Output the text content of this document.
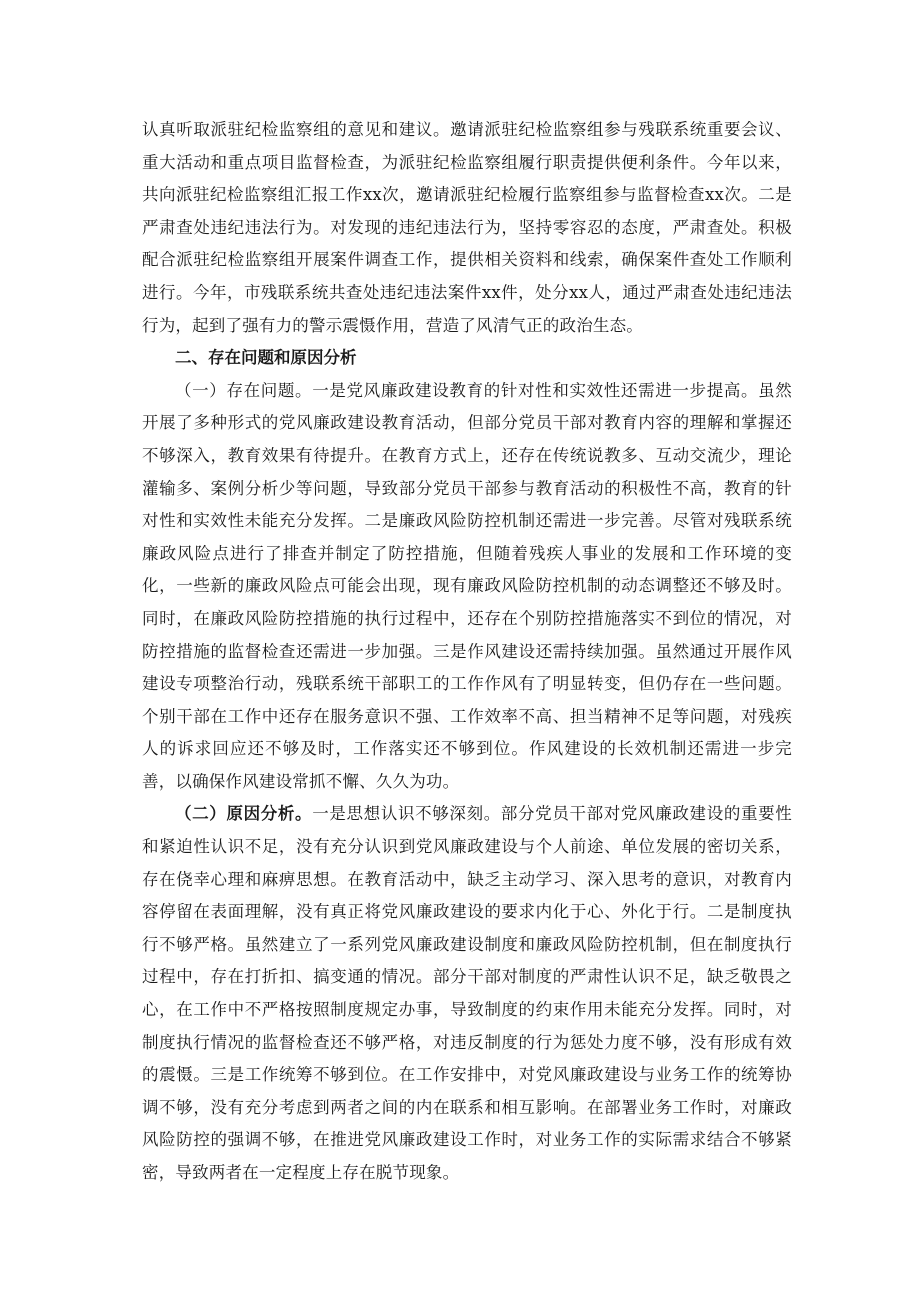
认真听取派驻纪检监察组的意见和建议。邀请派驻纪检监察组参与残联系统重要会议、重大活动和重点项目监督检查，为派驻纪检监察组履行职责提供便利条件。今年以来，共向派驻纪检监察组汇报工作xx次，邀请派驻纪检履行监察组参与监督检查xx次。二是严肃查处违纪违法行为。对发现的违纪违法行为，坚持零容忍的态度，严肃查处。积极配合派驻纪检监察组开展案件调查工作，提供相关资料和线索，确保案件查处工作顺利进行。今年，市残联系统共查处违纪违法案件xx件，处分xx人，通过严肃查处违纪违法行为，起到了强有力的警示震慑作用，营造了风清气正的政治生态。

二、存在问题和原因分析

（一）存在问题。一是党风廉政建设教育的针对性和实效性还需进一步提高。虽然开展了多种形式的党风廉政建设教育活动，但部分党员干部对教育内容的理解和掌握还不够深入，教育效果有待提升。在教育方式上，还存在传统说教多、互动交流少，理论灌输多、案例分析少等问题，导致部分党员干部参与教育活动的积极性不高，教育的针对性和实效性未能充分发挥。二是廉政风险防控机制还需进一步完善。尽管对残联系统廉政风险点进行了排查并制定了防控措施，但随着残疾人事业的发展和工作环境的变化，一些新的廉政风险点可能会出现，现有廉政风险防控机制的动态调整还不够及时。同时，在廉政风险防控措施的执行过程中，还存在个别防控措施落实不到位的情况，对防控措施的监督检查还需进一步加强。三是作风建设还需持续加强。虽然通过开展作风建设专项整治行动，残联系统干部职工的工作作风有了明显转变，但仍存在一些问题。个别干部在工作中还存在服务意识不强、工作效率不高、担当精神不足等问题，对残疾人的诉求回应还不够及时，工作落实还不够到位。作风建设的长效机制还需进一步完善，以确保作风建设常抓不懈、久久为功。

（二）原因分析。一是思想认识不够深刻。部分党员干部对党风廉政建设的重要性和紧迫性认识不足，没有充分认识到党风廉政建设与个人前途、单位发展的密切关系，存在侥幸心理和麻痹思想。在教育活动中，缺乏主动学习、深入思考的意识，对教育内容停留在表面理解，没有真正将党风廉政建设的要求内化于心、外化于行。二是制度执行不够严格。虽然建立了一系列党风廉政建设制度和廉政风险防控机制，但在制度执行过程中，存在打折扣、搞变通的情况。部分干部对制度的严肃性认识不足，缺乏敬畏之心，在工作中不严格按照制度规定办事，导致制度的约束作用未能充分发挥。同时，对制度执行情况的监督检查还不够严格，对违反制度的行为惩处力度不够，没有形成有效的震慑。三是工作统筹不够到位。在工作安排中，对党风廉政建设与业务工作的统筹协调不够，没有充分考虑到两者之间的内在联系和相互影响。在部署业务工作时，对廉政风险防控的强调不够，在推进党风廉政建设工作时，对业务工作的实际需求结合不够紧密，导致两者在一定程度上存在脱节现象。
